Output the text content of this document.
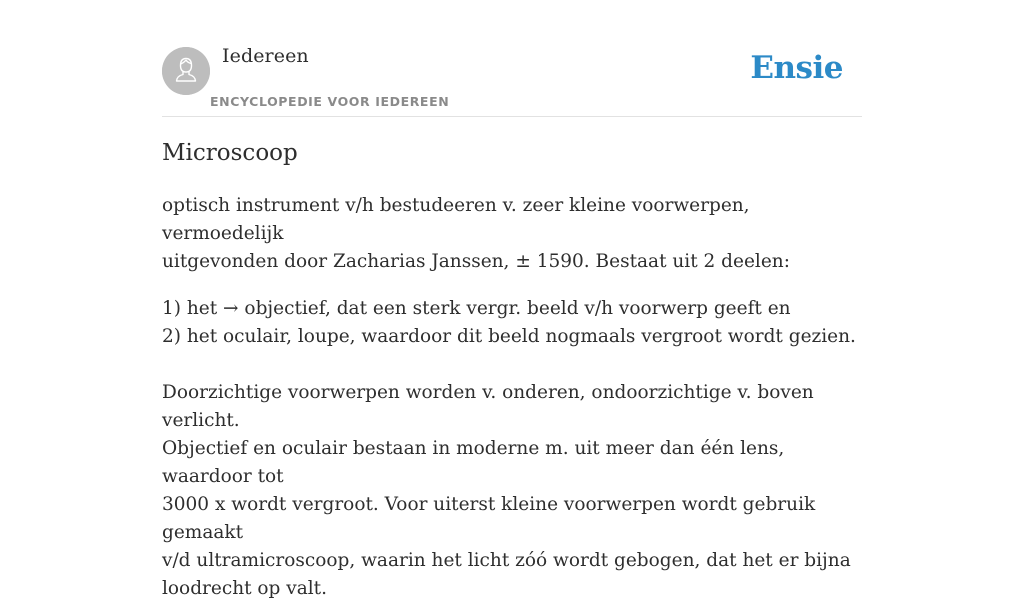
Iedereen
ENCYCLOPEDIE VOOR IEDEREEN
Ensie
Microscoop

optisch instrument v/h bestudeeren v. zeer kleine voorwerpen, vermoedelijk
uitgevonden door Zacharias Janssen, ± 1590. Bestaat uit 2 deelen:

1) het → objectief, dat een sterk vergr. beeld v/h voorwerp geeft en
2) het oculair, loupe, waardoor dit beeld nogmaals vergroot wordt gezien.

Doorzichtige voorwerpen worden v. onderen, ondoorzichtige v. boven verlicht.
Objectief en oculair bestaan in moderne m. uit meer dan één lens, waardoor tot
3000 x wordt vergroot. Voor uiterst kleine voorwerpen wordt gebruik gemaakt
v/d ultramicroscoop, waarin het licht zóó wordt gebogen, dat het er bijna
loodrecht op valt.
